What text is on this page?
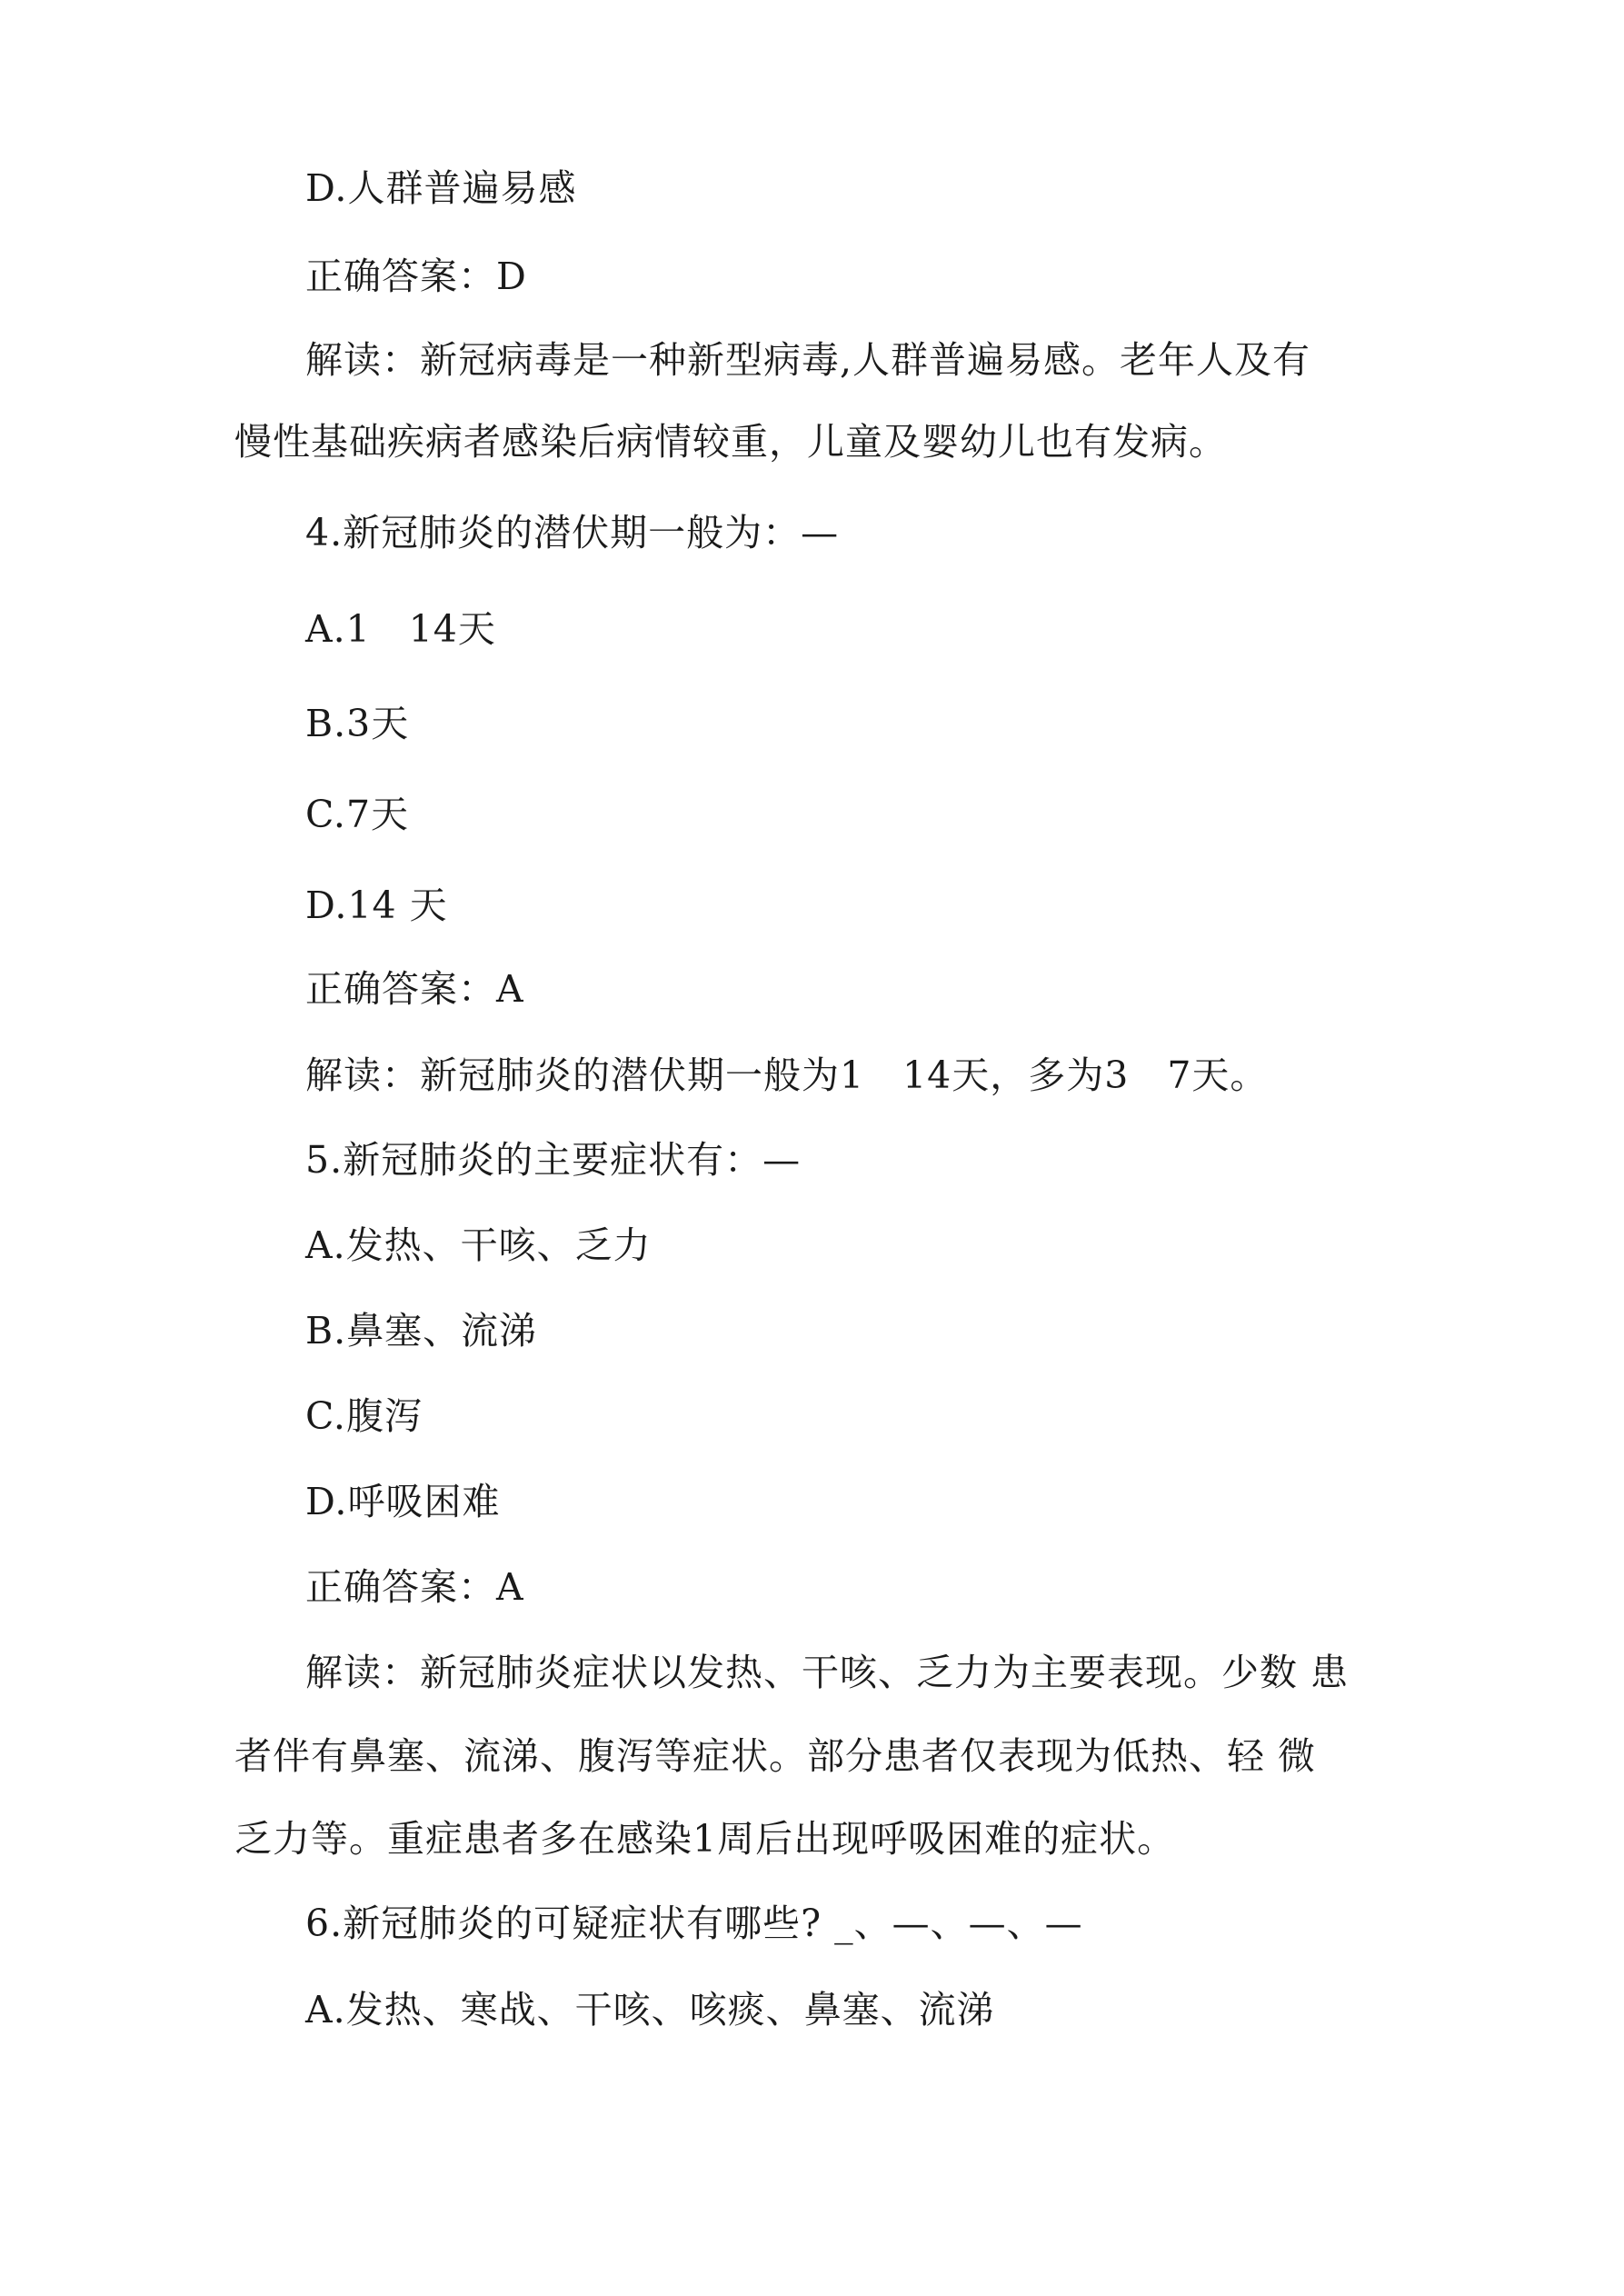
D.人群普遍易感
正确答案：D
解读：新冠病毒是一种新型病毒,人群普遍易感。老年人及有
慢性基础疾病者感染后病情较重，儿童及婴幼儿也有发病。
4.新冠肺炎的潜伏期一般为：—
A.1　14天
B.3天
C.7天
D.14 天
正确答案：A
解读：新冠肺炎的潜伏期一般为1　14天，多为3　7天。
5.新冠肺炎的主要症状有：—
A.发热、干咳、乏力
B.鼻塞、流涕
C.腹泻
D.呼吸困难
正确答案：A
解读：新冠肺炎症状以发热、干咳、乏力为主要表现。少数 患
者伴有鼻塞、流涕、腹泻等症状。部分患者仅表现为低热、轻 微
乏力等。重症患者多在感染1周后出现呼吸困难的症状。
6.新冠肺炎的可疑症状有哪些? _、—、—、—
A.发热、寒战、干咳、咳痰、鼻塞、流涕
